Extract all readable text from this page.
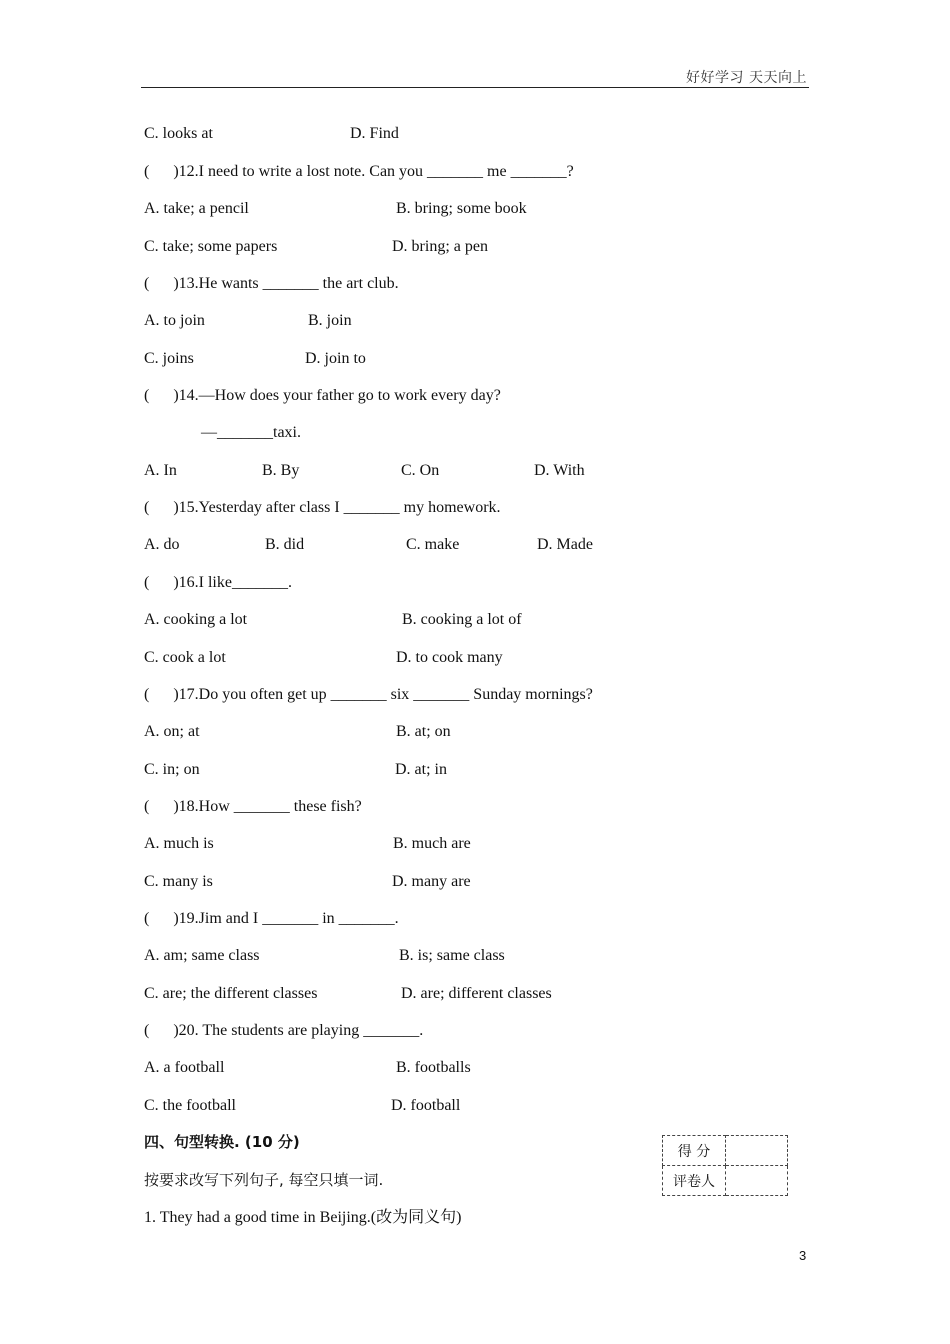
好好学习 天天向上
C. looks at	D. Find
(      )12.I need to write a lost note. Can you _______ me _______?
A. take; a pencil	B. bring; some book
C. take; some papers	D. bring; a pen
(      )13.He wants _______ the art club.
A. to join	B. join
C. joins	D. join to
(      )14.—How does your father go to work every day?
—_______taxi.
A. In	B. By	C. On	D. With
(      )15.Yesterday after class I _______ my homework.
A. do	B. did	C. make	D. Made
(      )16.I like_______.
A. cooking a lot	B. cooking a lot of
C. cook a lot	D. to cook many
(      )17.Do you often get up _______ six _______ Sunday mornings?
A. on; at	B. at; on
C. in; on	D. at; in
(      )18.How _______ these fish?
A. much is	B. much are
C. many is	D. many are
(      )19.Jim and I _______ in _______.
A. am; same class	B. is; same class
C. are; the different classes	D. are; different classes
(      )20. The students are playing _______.
A. a football	B. footballs
C. the football	D. football
四、句型转换. (10 分)
按要求改写下列句子, 每空只填一词.
1. They had a good time in Beijing.(改为同义句)
得 分	
评卷人	
3
